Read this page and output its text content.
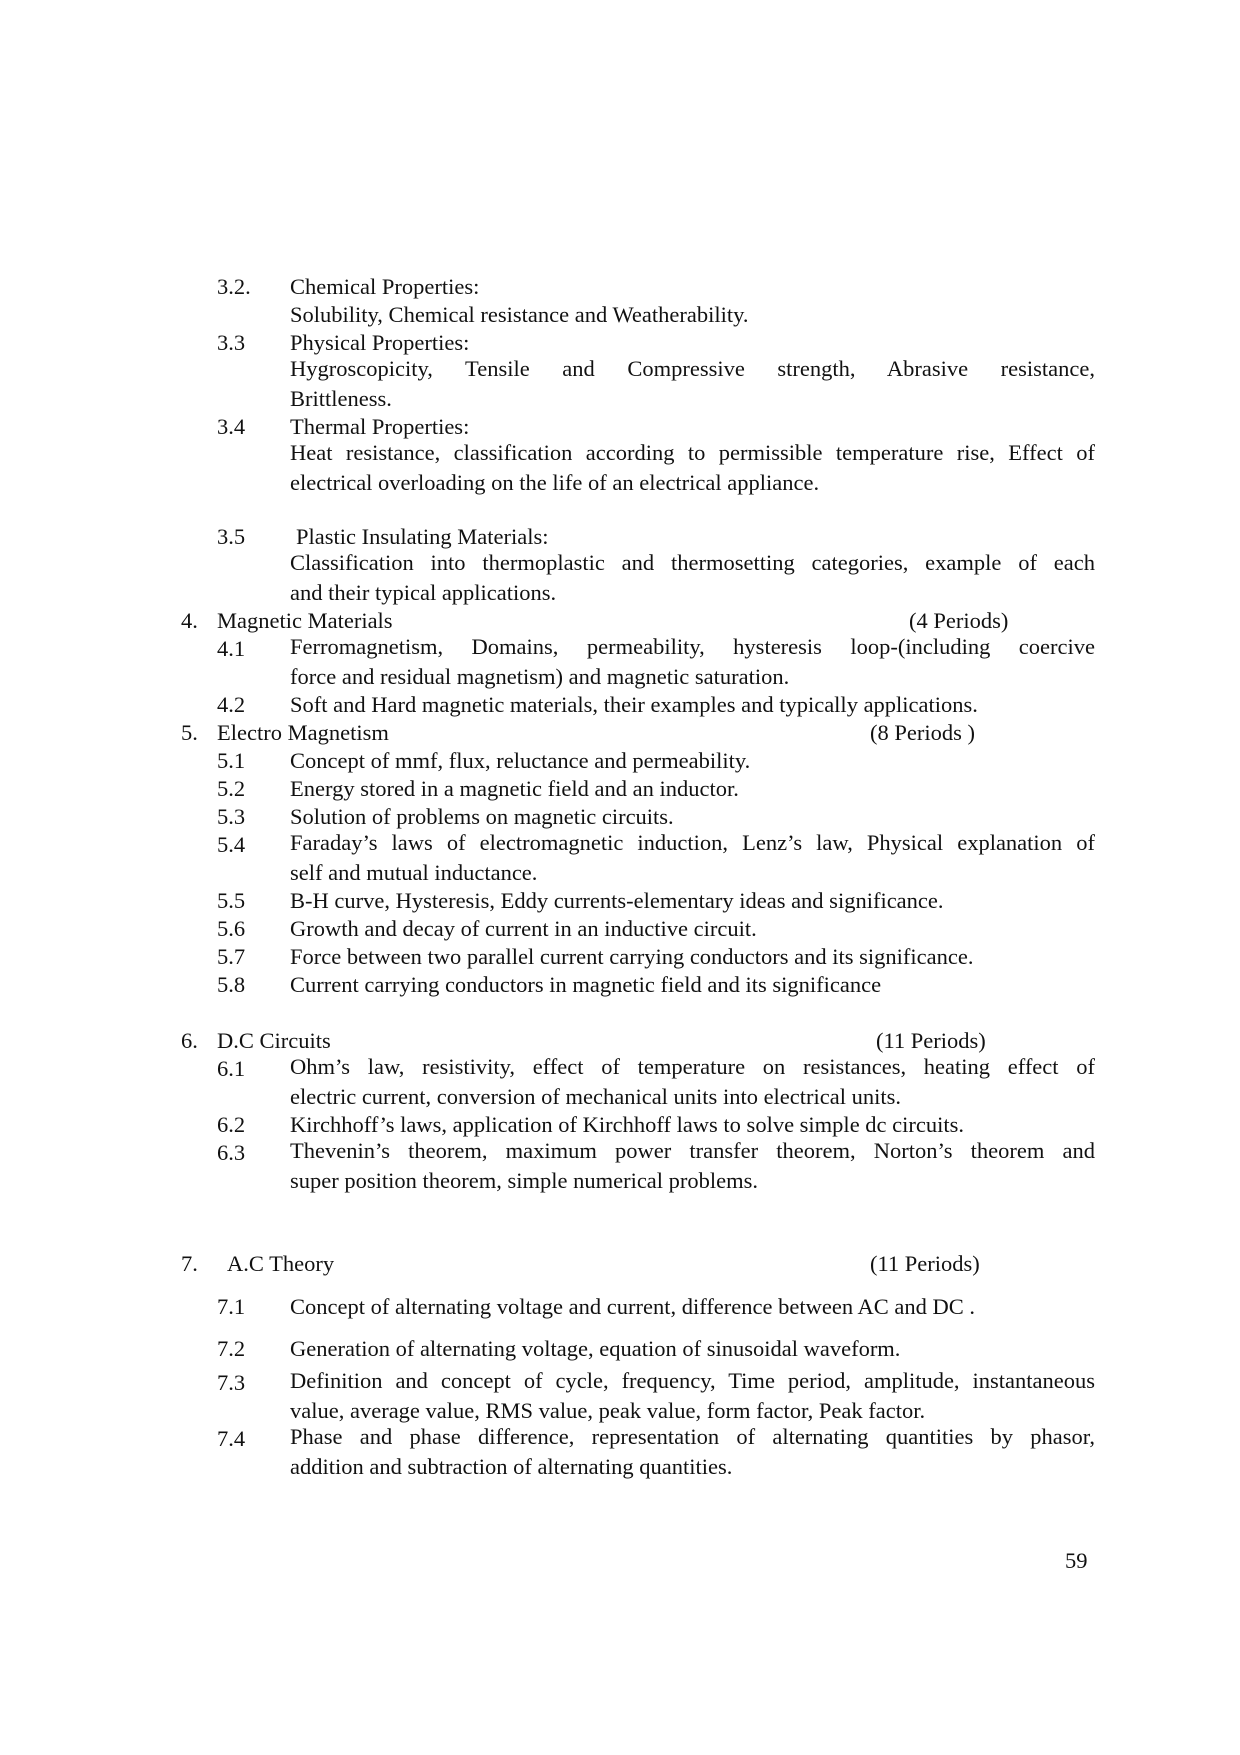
3.2. Chemical Properties:
Solubility, Chemical resistance and Weatherability.
3.3 Physical Properties:
Hygroscopicity, Tensile and Compressive strength, Abrasive resistance,
Brittleness.
3.4 Thermal Properties:
Heat resistance, classification according to permissible temperature rise, Effect of
electrical overloading on the life of an electrical appliance.
3.5 Plastic Insulating Materials:
Classification into thermoplastic and thermosetting categories, example of each
and their typical applications.
4. Magnetic Materials	(4 Periods)
4.1 Ferromagnetism, Domains, permeability, hysteresis loop-(including coercive
force and residual magnetism) and magnetic saturation.
4.2 Soft and Hard magnetic materials, their examples and typically applications.
5. Electro Magnetism	(8 Periods )
5.1 Concept of mmf, flux, reluctance and permeability.
5.2 Energy stored in a magnetic field and an inductor.
5.3 Solution of problems on magnetic circuits.
5.4 Faraday’s laws of electromagnetic induction, Lenz’s law, Physical explanation of
self and mutual inductance.
5.5 B-H curve, Hysteresis, Eddy currents-elementary ideas and significance.
5.6 Growth and decay of current in an inductive circuit.
5.7 Force between two parallel current carrying conductors and its significance.
5.8 Current carrying conductors in magnetic field and its significance
6. D.C Circuits	(11 Periods)
6.1 Ohm’s law, resistivity, effect of temperature on resistances, heating effect of
electric current, conversion of mechanical units into electrical units.
6.2 Kirchhoff’s laws, application of Kirchhoff laws to solve simple dc circuits.
6.3 Thevenin’s theorem, maximum power transfer theorem, Norton’s theorem and
super position theorem, simple numerical problems.
7. A.C Theory	(11 Periods)
7.1 Concept of alternating voltage and current, difference between AC and DC .
7.2 Generation of alternating voltage, equation of sinusoidal waveform.
7.3 Definition and concept of cycle, frequency, Time period, amplitude, instantaneous
value, average value, RMS value, peak value, form factor, Peak factor.
7.4 Phase and phase difference, representation of alternating quantities by phasor,
addition and subtraction of alternating quantities.
59
